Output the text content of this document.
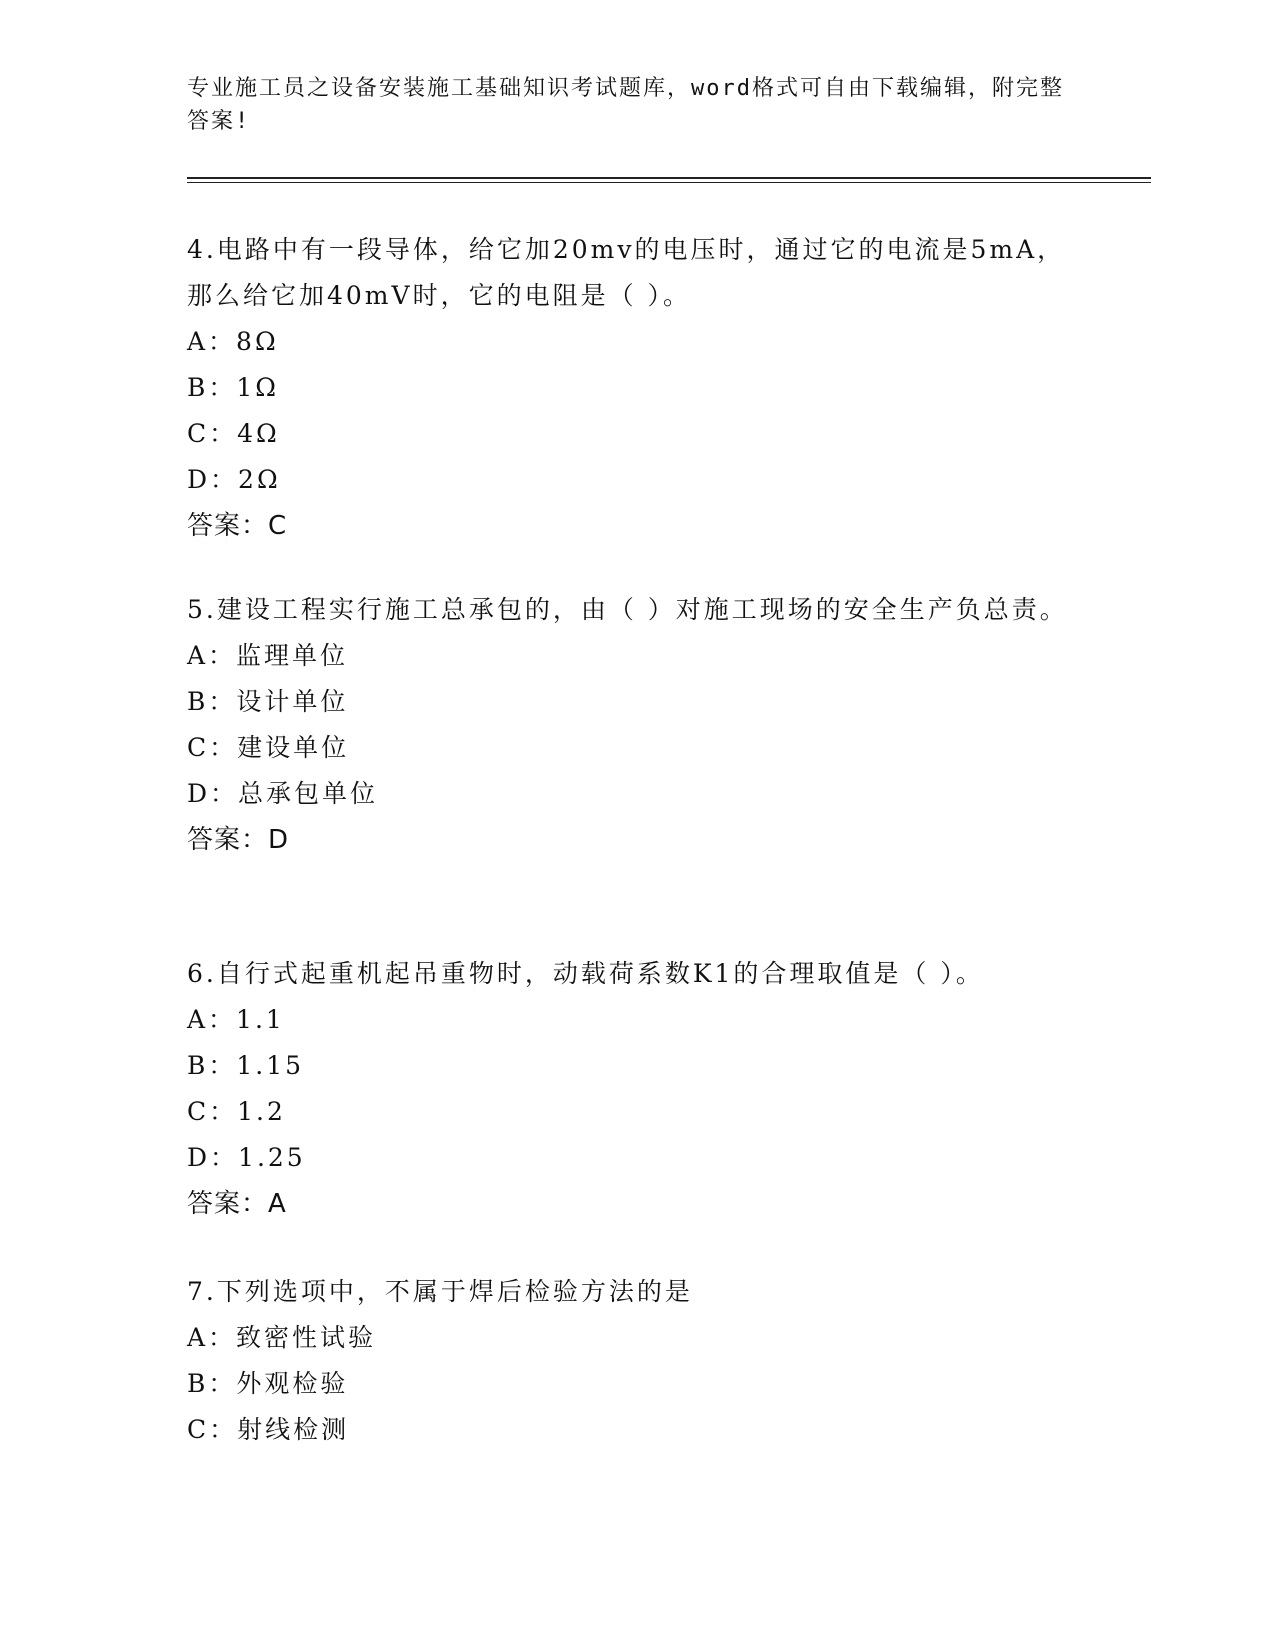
专业施工员之设备安装施工基础知识考试题库，word格式可自由下载编辑，附完整答案!

4.电路中有一段导体，给它加20mv的电压时，通过它的电流是5mA，那么给它加40mV时，它的电阻是（ ）。

A：8Ω

B：1Ω

C：4Ω

D：2Ω

答案：C

5.建设工程实行施工总承包的，由（ ）对施工现场的安全生产负总责。

A：监理单位

B：设计单位

C：建设单位

D：总承包单位

答案：D

6.自行式起重机起吊重物时，动载荷系数K1的合理取值是（ ）。

A：1.1

B：1.15

C：1.2

D：1.25

答案：A

7.下列选项中，不属于焊后检验方法的是

A：致密性试验

B：外观检验

C：射线检测
